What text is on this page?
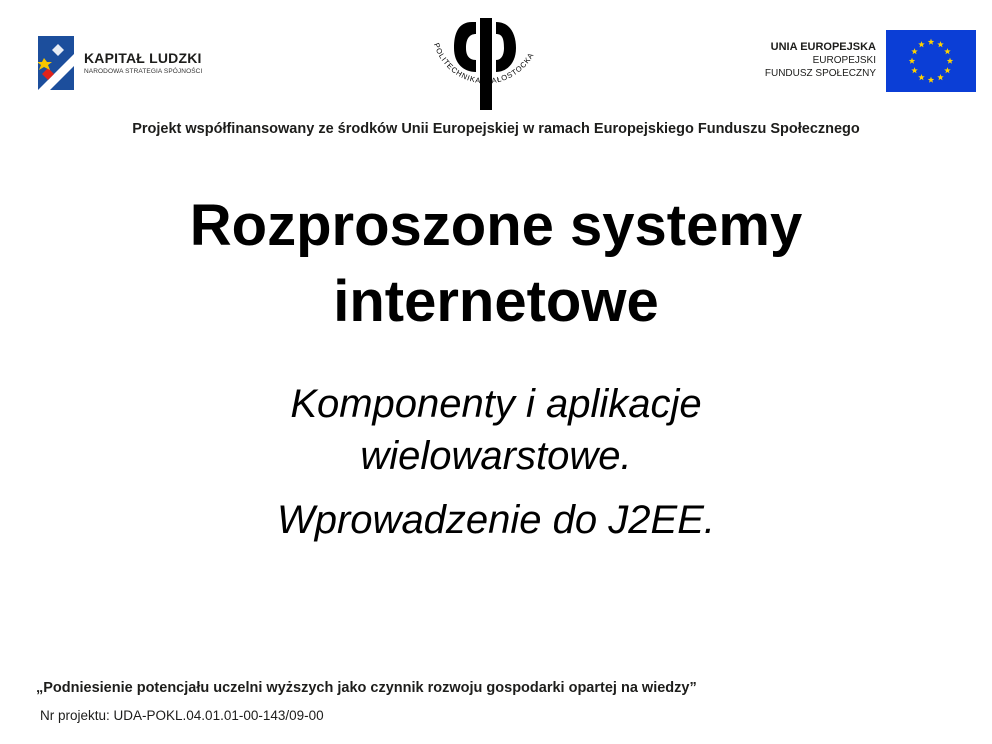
KAPITAŁ LUDZKI
NARODOWA STRATEGIA SPÓJNOŚCI
POLITECHNIKA BIAŁOSTOCKA
UNIA EUROPEJSKA
EUROPEJSKI
FUNDUSZ SPOŁECZNY
Projekt współfinansowany ze środków Unii Europejskiej w ramach Europejskiego Funduszu Społecznego
Rozproszone systemy
internetowe
Komponenty i aplikacje
wielowarstowe.
Wprowadzenie do J2EE.
„Podniesienie potencjału uczelni wyższych jako czynnik rozwoju gospodarki opartej na wiedzy”
Nr projektu: UDA-POKL.04.01.01-00-143/09-00
